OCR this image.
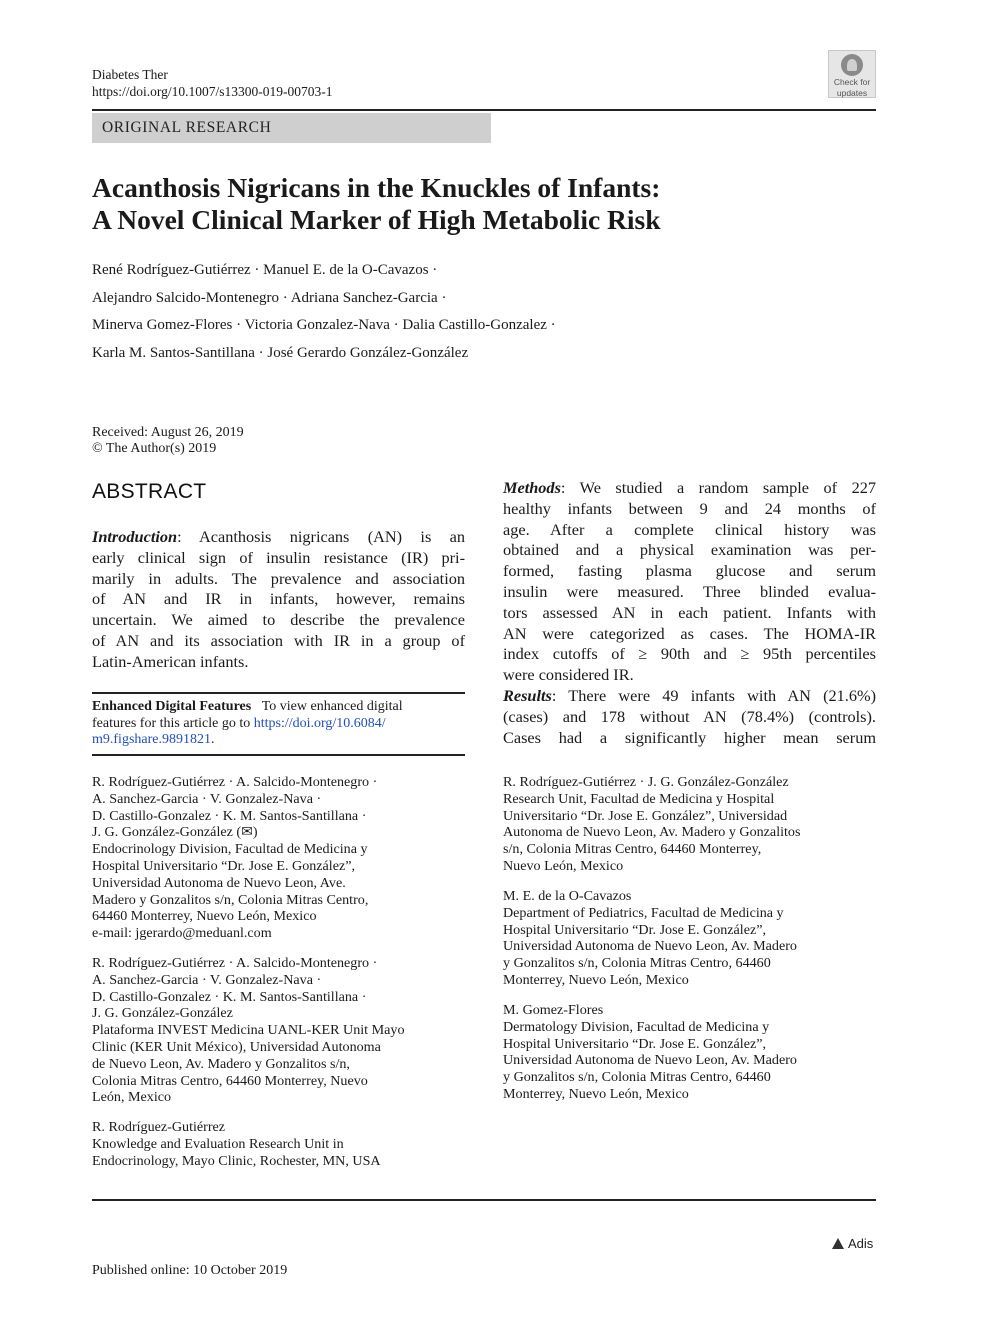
Diabetes Ther
https://doi.org/10.1007/s13300-019-00703-1
Check for
updates
ORIGINAL RESEARCH
Acanthosis Nigricans in the Knuckles of Infants:
A Novel Clinical Marker of High Metabolic Risk
René Rodríguez-Gutiérrez · Manuel E. de la O-Cavazos ·
Alejandro Salcido-Montenegro · Adriana Sanchez-Garcia ·
Minerva Gomez-Flores · Victoria Gonzalez-Nava · Dalia Castillo-Gonzalez ·
Karla M. Santos-Santillana · José Gerardo González-González
Received: August 26, 2019
© The Author(s) 2019
ABSTRACT
Introduction: Acanthosis nigricans (AN) is an
early clinical sign of insulin resistance (IR) pri-
marily in adults. The prevalence and association
of AN and IR in infants, however, remains
uncertain. We aimed to describe the prevalence
of AN and its association with IR in a group of
Latin-American infants.
Enhanced Digital Features To view enhanced digital
features for this article go to https://doi.org/10.6084/
m9.figshare.9891821.
R. Rodríguez-Gutiérrez · A. Salcido-Montenegro ·
A. Sanchez-Garcia · V. Gonzalez-Nava ·
D. Castillo-Gonzalez · K. M. Santos-Santillana ·
J. G. González-González (✉)
Endocrinology Division, Facultad de Medicina y
Hospital Universitario “Dr. Jose E. González”,
Universidad Autonoma de Nuevo Leon, Ave.
Madero y Gonzalitos s/n, Colonia Mitras Centro,
64460 Monterrey, Nuevo León, Mexico
e-mail: jgerardo@meduanl.com
R. Rodríguez-Gutiérrez · A. Salcido-Montenegro ·
A. Sanchez-Garcia · V. Gonzalez-Nava ·
D. Castillo-Gonzalez · K. M. Santos-Santillana ·
J. G. González-González
Plataforma INVEST Medicina UANL-KER Unit Mayo
Clinic (KER Unit México), Universidad Autonoma
de Nuevo Leon, Av. Madero y Gonzalitos s/n,
Colonia Mitras Centro, 64460 Monterrey, Nuevo
León, Mexico
R. Rodríguez-Gutiérrez
Knowledge and Evaluation Research Unit in
Endocrinology, Mayo Clinic, Rochester, MN, USA
Methods: We studied a random sample of 227
healthy infants between 9 and 24 months of
age. After a complete clinical history was
obtained and a physical examination was per-
formed, fasting plasma glucose and serum
insulin were measured. Three blinded evalua-
tors assessed AN in each patient. Infants with
AN were categorized as cases. The HOMA-IR
index cutoffs of ≥ 90th and ≥ 95th percentiles
were considered IR.
Results: There were 49 infants with AN (21.6%)
(cases) and 178 without AN (78.4%) (controls).
Cases had a significantly higher mean serum
R. Rodríguez-Gutiérrez · J. G. González-González
Research Unit, Facultad de Medicina y Hospital
Universitario “Dr. Jose E. González”, Universidad
Autonoma de Nuevo Leon, Av. Madero y Gonzalitos
s/n, Colonia Mitras Centro, 64460 Monterrey,
Nuevo León, Mexico
M. E. de la O-Cavazos
Department of Pediatrics, Facultad de Medicina y
Hospital Universitario “Dr. Jose E. González”,
Universidad Autonoma de Nuevo Leon, Av. Madero
y Gonzalitos s/n, Colonia Mitras Centro, 64460
Monterrey, Nuevo León, Mexico
M. Gomez-Flores
Dermatology Division, Facultad de Medicina y
Hospital Universitario “Dr. Jose E. González”,
Universidad Autonoma de Nuevo Leon, Av. Madero
y Gonzalitos s/n, Colonia Mitras Centro, 64460
Monterrey, Nuevo León, Mexico
Adis
Published online: 10 October 2019
